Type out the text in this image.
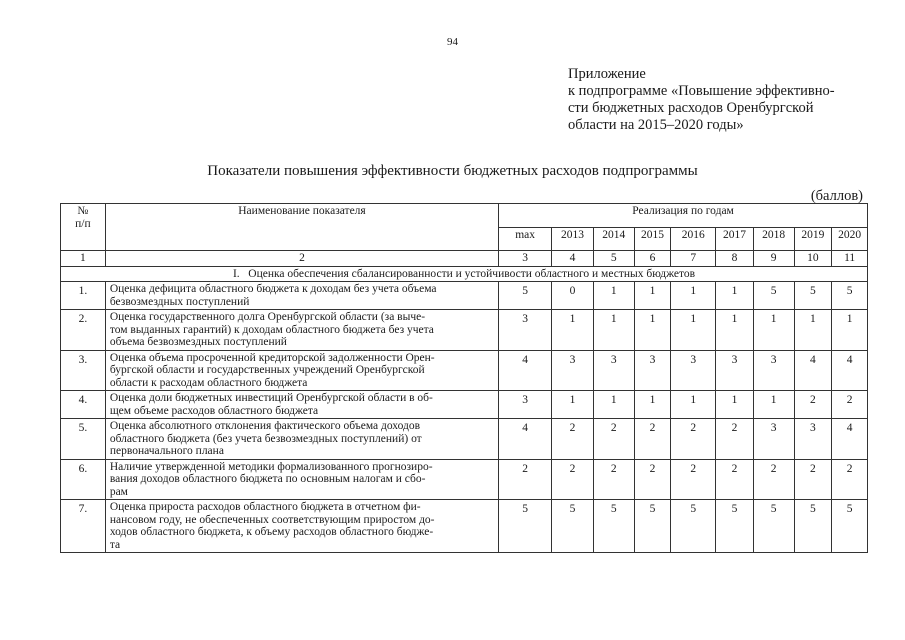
94
Приложение
к подпрограмме «Повышение эффективно-
сти бюджетных расходов Оренбургской
области на 2015–2020 годы»
Показатели повышения эффективности бюджетных расходов подпрограммы
(баллов)
№
п/п	Наименование показателя	Реализация по годам								
		max	2013	2014	2015	2016	2017	2018	2019	2020
1	2	3	4	5	6	7	8	9	10	11
I.   Оценка обеспечения сбалансированности и устойчивости областного и местных бюджетов										
1.	Оценка дефицита областного бюджета к доходам без учета объема
безвозмездных поступлений	5	0	1	1	1	1	5	5	5
2.	Оценка государственного долга Оренбургской области (за выче-
том выданных гарантий) к доходам областного бюджета без учета
объема безвозмездных поступлений	3	1	1	1	1	1	1	1	1
3.	Оценка объема просроченной кредиторской задолженности Орен-
бургской области и государственных учреждений Оренбургской
области к расходам областного бюджета	4	3	3	3	3	3	3	4	4
4.	Оценка доли бюджетных инвестиций Оренбургской области в об-
щем объеме расходов областного бюджета	3	1	1	1	1	1	1	2	2
5.	Оценка абсолютного отклонения фактического объема доходов
областного бюджета (без учета безвозмездных поступлений) от
первоначального плана	4	2	2	2	2	2	3	3	4
6.	Наличие утвержденной методики формализованного прогнозиро-
вания доходов областного бюджета по основным налогам и сбо-
рам	2	2	2	2	2	2	2	2	2
7.	Оценка прироста расходов областного бюджета в отчетном фи-
нансовом году, не обеспеченных соответствующим приростом до-
ходов областного бюджета, к объему расходов областного бюдже-
та	5	5	5	5	5	5	5	5	5
